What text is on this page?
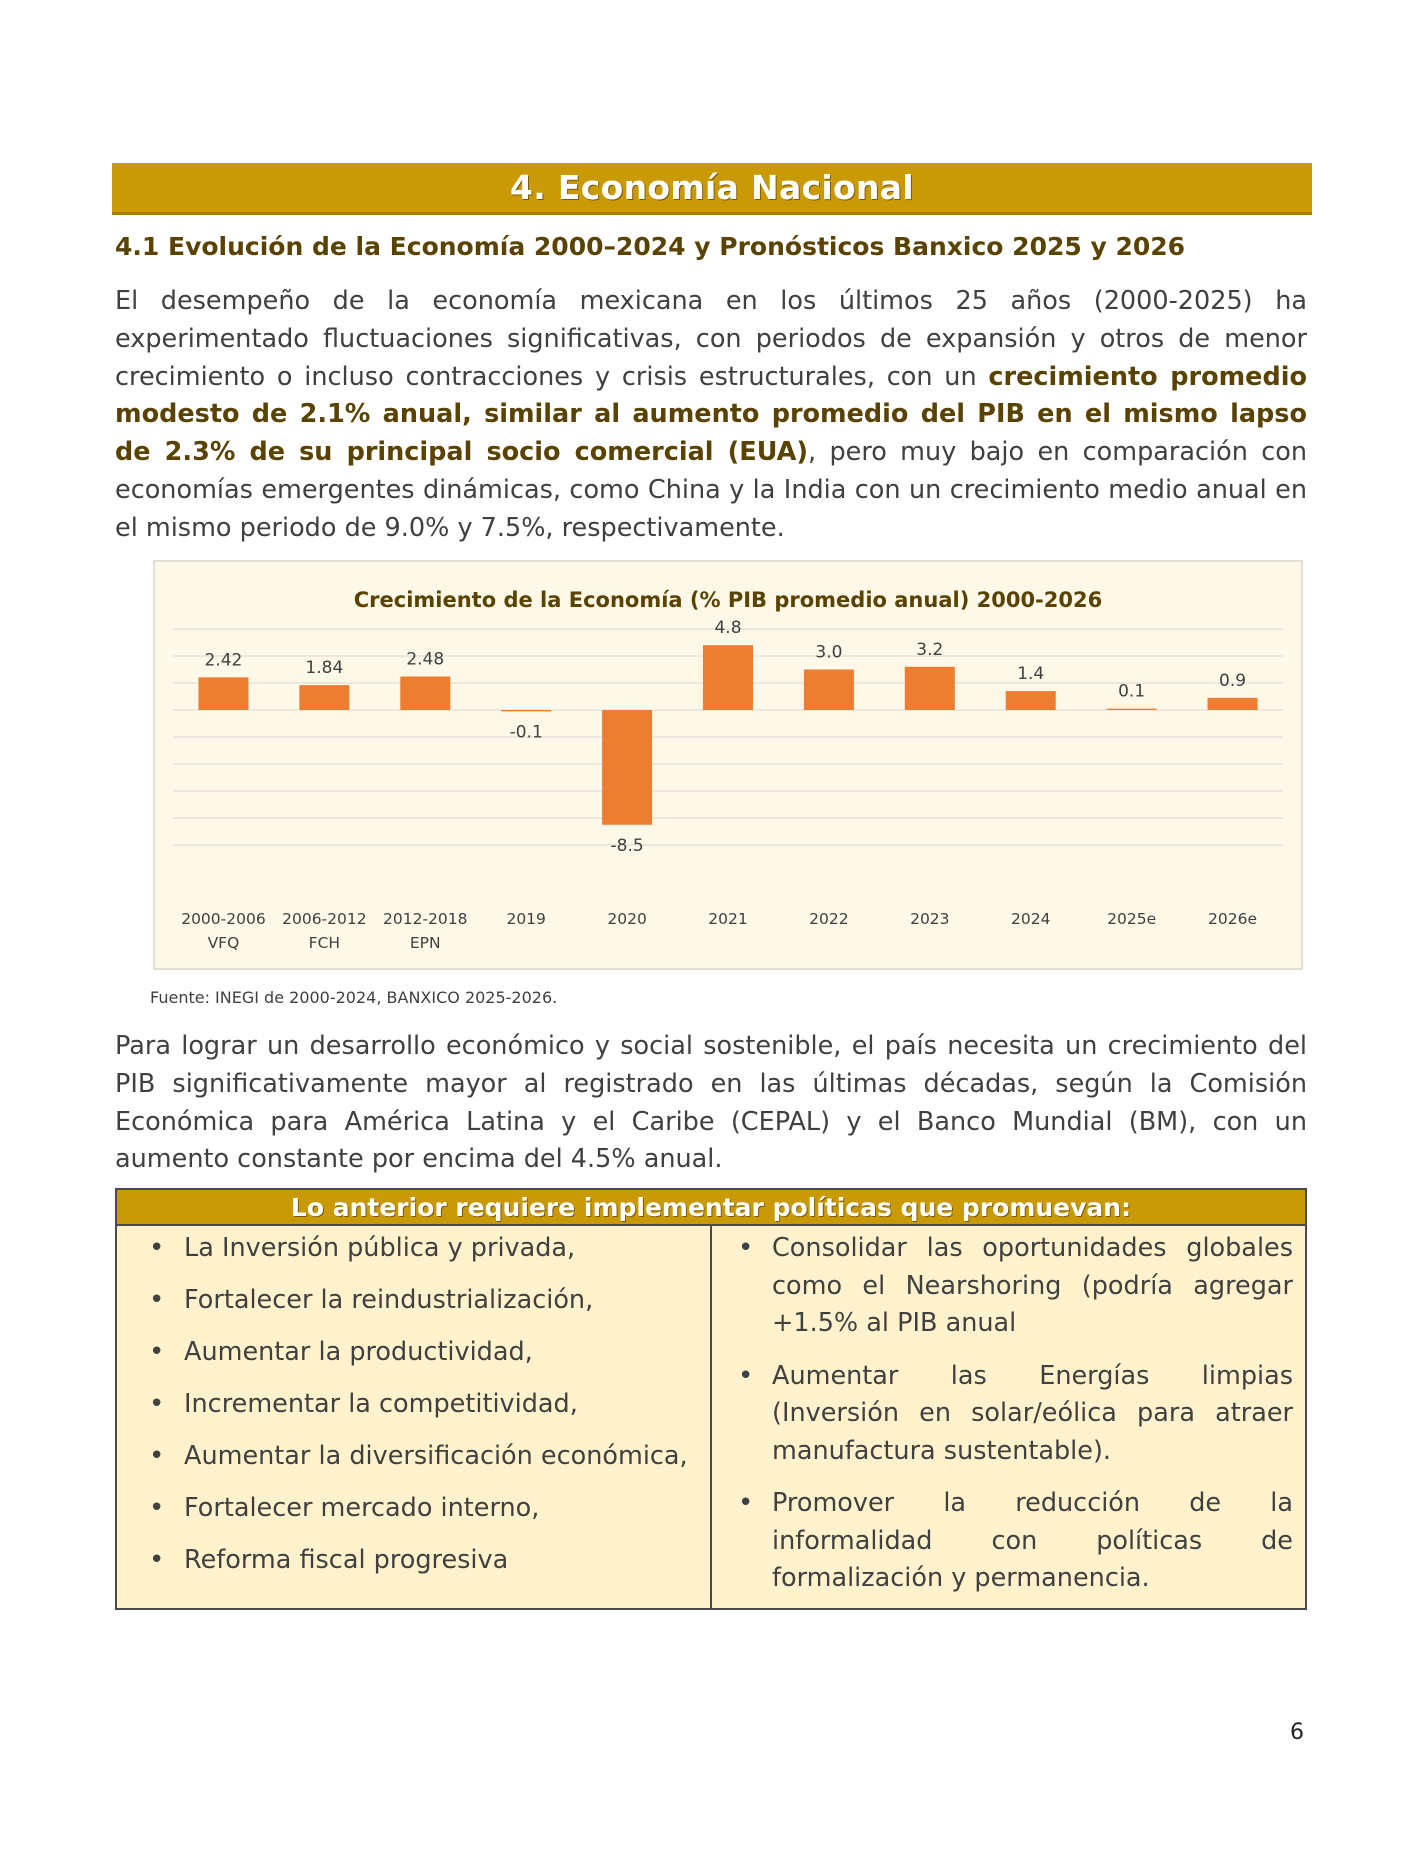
4. Economía Nacional
4.1 Evolución de la Economía 2000–2024 y Pronósticos Banxico 2025 y 2026

El desempeño de la economía mexicana en los últimos 25 años (2000-2025) ha experimentado fluctuaciones significativas, con periodos de expansión y otros de menor crecimiento o incluso contracciones y crisis estructurales, con un crecimiento promedio modesto de 2.1% anual, similar al aumento promedio del PIB en el mismo lapso de 2.3% de su principal socio comercial (EUA), pero muy bajo en comparación con economías emergentes dinámicas, como China y la India con un crecimiento medio anual en el mismo periodo de 9.0% y 7.5%, respectivamente.

Crecimiento de la Economía (% PIB promedio anual) 2000-2026
2.42	1.84	2.48
-0.1
-8.5
4.8
3.0	3.2
1.4
0.1
0.9
2000-2006
VFQ
2006-2012
FCH
2012-2018
EPN
2019	2020	2021	2022	2023	2024	2025e	2026e

Fuente: INEGI de 2000-2024, BANXICO 2025-2026.

Para lograr un desarrollo económico y social sostenible, el país necesita un crecimiento del PIB significativamente mayor al registrado en las últimas décadas, según la Comisión Económica para América Latina y el Caribe (CEPAL) y el Banco Mundial (BM), con un aumento constante por encima del 4.5% anual.

Lo anterior requiere implementar políticas que promuevan:
• La Inversión pública y privada,
• Fortalecer la reindustrialización,
• Aumentar la productividad,
• Incrementar la competitividad,
• Aumentar la diversificación económica,
• Fortalecer mercado interno,
• Reforma fiscal progresiva
• Consolidar las oportunidades globales como el Nearshoring (podría agregar +1.5% al PIB anual
• Aumentar las Energías limpias (Inversión en solar/eólica para atraer manufactura sustentable).
• Promover la reducción de la informalidad con políticas de formalización y permanencia.
6
